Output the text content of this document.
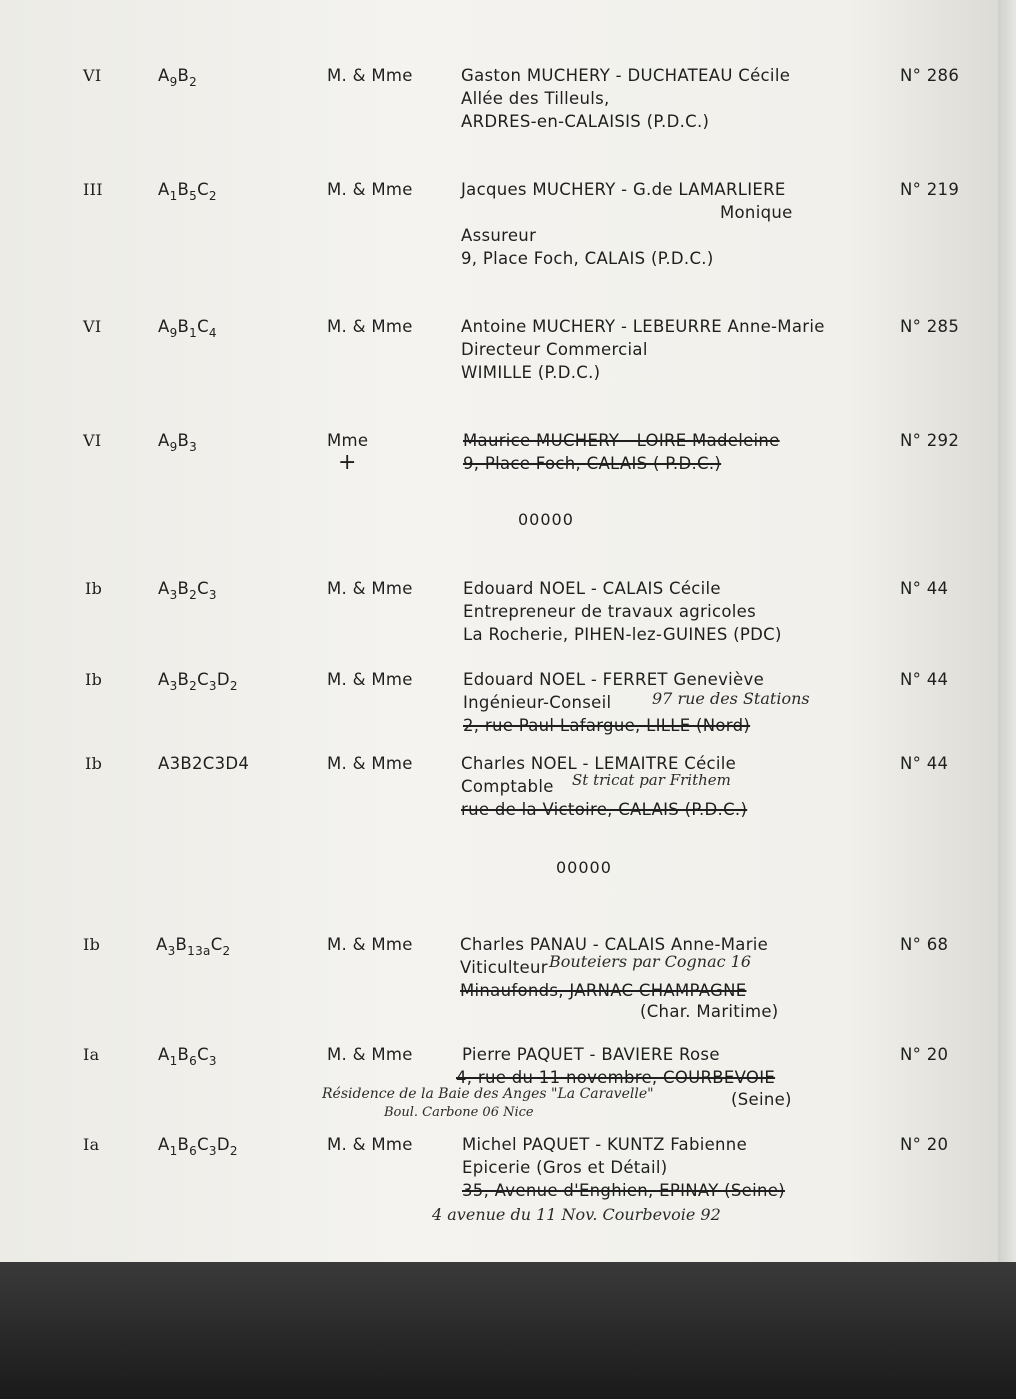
VI	$A_9B_2$	M. & Mme	Gaston MUCHERY - DUCHATEAU Cécile
Allée des Tilleuls,
ARDRES-en-CALAISIS (P.D.C.)
N° 286
III	$A_1B_5C_2$	M. & Mme	Jacques MUCHERY - G.de LAMARLIERE
Monique
Assureur
9, Place Foch, CALAIS (P.D.C.)
N° 219
VI	$A_9B_1C_4$	M. & Mme	Antoine MUCHERY - LEBEURRE Anne-Marie
Directeur Commercial
WIMILLE (P.D.C.)
N° 285
VI	$A_9B_3$	Mme
+
Maurice MUCHERY - LOIRE Madeleine
9, Place Foch, CALAIS ( P.D.C.)
N° 292
00000
Ib	$A_3B_2C_3$	M. & Mme	Edouard NOEL - CALAIS Cécile
Entrepreneur de travaux agricoles
La Rocherie, PIHEN-lez-GUINES (PDC)
N° 44
Ib	$A_3B_2C_3D_2$	M. & Mme	Edouard NOEL - FERRET Geneviève
Ingénieur-Conseil	97 rue des Stations
2, rue Paul Lafargue, LILLE (Nord)
N° 44
Ib	A3B2C3D4	M. & Mme	Charles NOEL - LEMAITRE Cécile
Comptable St tricat par Frithem
rue de la Victoire, CALAIS (P.D.C.)
N° 44
00000
Ib	$A_3B_{13a}C_2$	M. & Mme	Charles PANAU - CALAIS Anne-Marie
Viticulteur Bouteiers par Cognac 16
Minaufonds, JARNAC CHAMPAGNE
(Char. Maritime)
N° 68
Ia	$A_1B_6C_3$	M. & Mme	Pierre PAQUET - BAVIERE Rose
4, rue du 11 novembre, COURBEVOIE
(Seine)
Résidence de la Baie des Anges "La Caravelle"
Boul. Carbone 06 Nice
N° 20
Ia	$A_1B_6C_3D_2$	M. & Mme	Michel PAQUET - KUNTZ Fabienne
Epicerie (Gros et Détail)
35, Avenue d'Enghien, EPINAY (Seine)
4 avenue du 11 Nov. Courbevoie 92
N° 20
